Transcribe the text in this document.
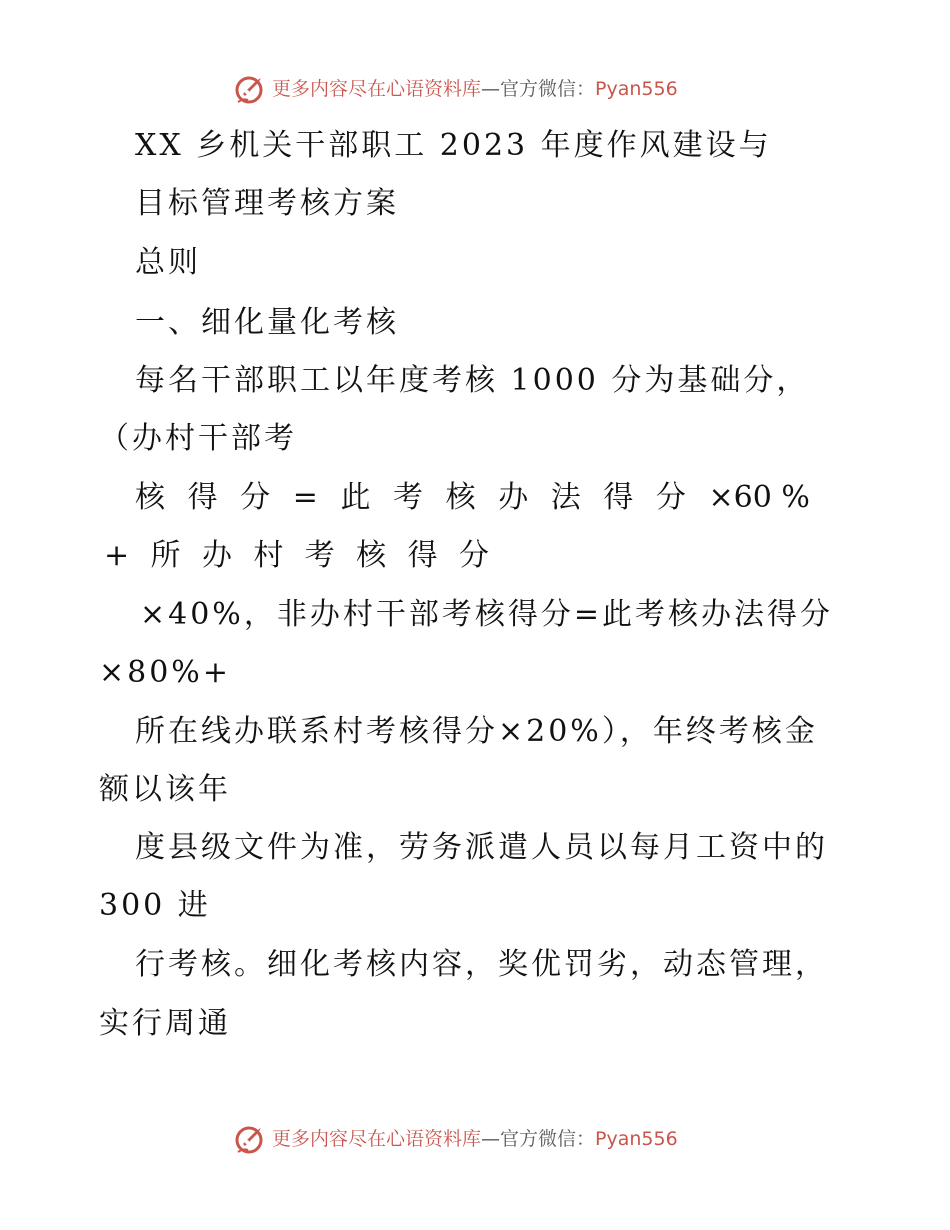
更多内容尽在心语资料库—官方微信：Pyan556
XX 乡机关干部职工 2023 年度作风建设与
目标管理考核方案
总则
一、细化量化考核
每名干部职工以年度考核 1000 分为基础分，
（办村干部考
核 得 分 = 此 考 核 办 法 得 分 ×60 %
+ 所 办 村 考 核 得 分
×40%，非办村干部考核得分=此考核办法得分
×80%+
所在线办联系村考核得分×20%），年终考核金
额以该年
度县级文件为准，劳务派遣人员以每月工资中的
300 进
行考核。细化考核内容，奖优罚劣，动态管理，
实行周通
更多内容尽在心语资料库—官方微信：Pyan556
